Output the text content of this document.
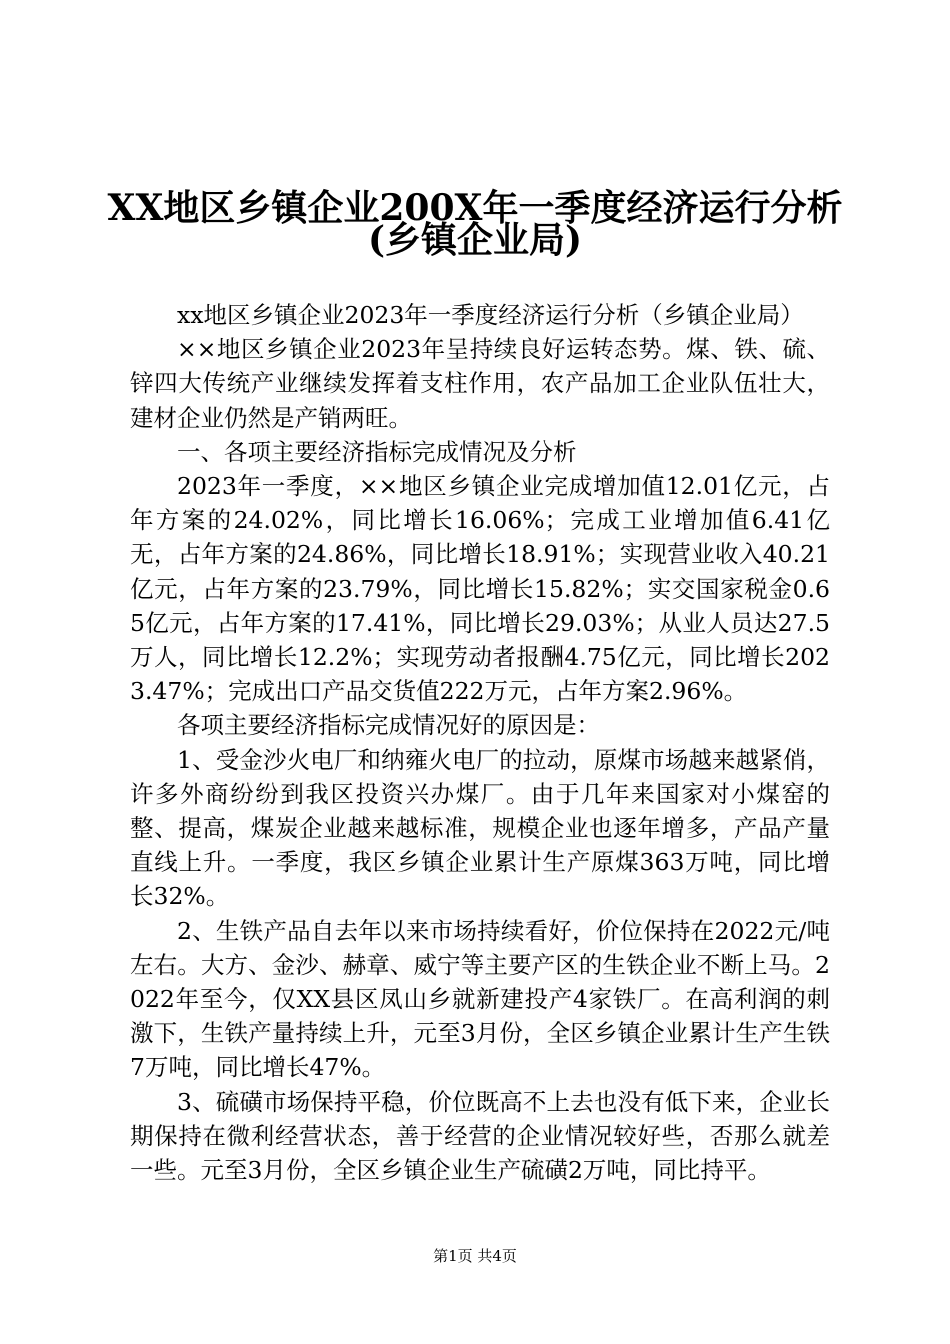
XX地区乡镇企业200X年一季度经济运行分析
(乡镇企业局)

xx地区乡镇企业2023年一季度经济运行分析（乡镇企业局）

××地区乡镇企业2023年呈持续良好运转态势。煤、铁、硫、锌四大传统产业继续发挥着支柱作用，农产品加工企业队伍壮大，建材企业仍然是产销两旺。

一、各项主要经济指标完成情况及分析

2023年一季度，××地区乡镇企业完成增加值12.01亿元，占年方案的24.02%，同比增长16.06%；完成工业增加值6.41亿无，占年方案的24.86%，同比增长18.91%；实现营业收入40.21亿元，占年方案的23.79%，同比增长15.82%；实交国家税金0.65亿元，占年方案的17.41%，同比增长29.03%；从业人员达27.5万人，同比增长12.2%；实现劳动者报酬4.75亿元，同比增长2023.47%；完成出口产品交货值222万元，占年方案2.96%。

各项主要经济指标完成情况好的原因是：

1、受金沙火电厂和纳雍火电厂的拉动，原煤市场越来越紧俏，许多外商纷纷到我区投资兴办煤厂。由于几年来国家对小煤窑的整、提高，煤炭企业越来越标准，规模企业也逐年增多，产品产量直线上升。一季度，我区乡镇企业累计生产原煤363万吨，同比增长32%。

2、生铁产品自去年以来市场持续看好，价位保持在2022元/吨左右。大方、金沙、赫章、威宁等主要产区的生铁企业不断上马。2022年至今，仅XX县区凤山乡就新建投产4家铁厂。在高利润的刺激下，生铁产量持续上升，元至3月份，全区乡镇企业累计生产生铁7万吨，同比增长47%。

3、硫磺市场保持平稳，价位既高不上去也没有低下来，企业长期保持在微利经营状态，善于经营的企业情况较好些，否那么就差一些。元至3月份，全区乡镇企业生产硫磺2万吨，同比持平。

第1页 共4页
